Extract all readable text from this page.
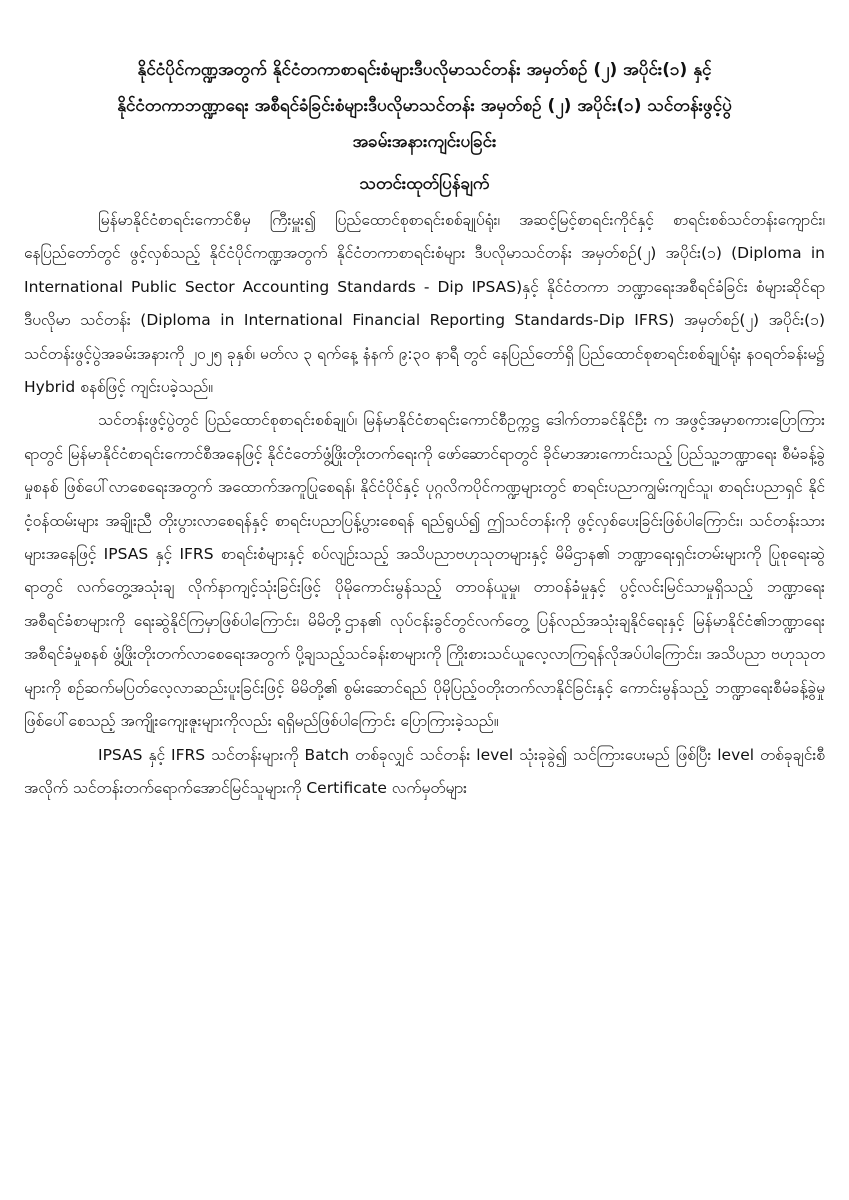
နိုင်ငံပိုင်ကဏ္ဍအတွက် နိုင်ငံတကာစာရင်းစံများဒီပလိုမာသင်တန်း အမှတ်စဉ် (၂) အပိုင်း(၁) နှင့်
နိုင်ငံတကာဘဏ္ဍာရေး အစီရင်ခံခြင်းစံများဒီပလိုမာသင်တန်း အမှတ်စဉ် (၂) အပိုင်း(၁) သင်တန်းဖွင့်ပွဲ
အခမ်းအနားကျင်းပခြင်း
သတင်းထုတ်ပြန်ချက်

မြန်မာနိုင်ငံစာရင်းကောင်စီမှ ကြီးမှူး၍ ပြည်ထောင်စုစာရင်းစစ်ချုပ်ရုံး၊ အဆင့်မြင့်စာရင်းကိုင်နှင့် စာရင်းစစ်သင်တန်းကျောင်း၊ နေပြည်တော်တွင် ဖွင့်လှစ်သည့် နိုင်ငံပိုင်ကဏ္ဍအတွက် နိုင်ငံတကာစာရင်းစံများ ဒီပလိုမာသင်တန်း အမှတ်စဉ်(၂) အပိုင်း(၁) (Diploma in International Public Sector Accounting Standards - Dip IPSAS)နှင့် နိုင်ငံတကာ ဘဏ္ဍာရေးအစီရင်ခံခြင်း စံများဆိုင်ရာ ဒီပလိုမာ သင်တန်း (Diploma in International Financial Reporting Standards-Dip IFRS) အမှတ်စဉ်(၂) အပိုင်း(၁) သင်တန်းဖွင့်ပွဲအခမ်းအနားကို ၂၀၂၅ ခုနှစ်၊ မတ်လ ၃ ရက်နေ့ နံနက် ၉:၃၀ နာရီ တွင် နေပြည်တော်ရှိ ပြည်ထောင်စုစာရင်းစစ်ချုပ်ရုံး နဝရတ်ခန်းမ၌ Hybrid စနစ်ဖြင့် ကျင်းပခဲ့သည်။

သင်တန်းဖွင့်ပွဲတွင် ပြည်ထောင်စုစာရင်းစစ်ချုပ်၊ မြန်မာနိုင်ငံစာရင်းကောင်စီဥက္ကဋ္ဌ ဒေါက်တာခင်နိုင်ဦး က အဖွင့်အမှာစကားပြောကြားရာတွင် မြန်မာနိုင်ငံစာရင်းကောင်စီအနေဖြင့် နိုင်ငံတော်ဖွံ့ဖြိုးတိုးတက်ရေးကို ဖော်ဆောင်ရာတွင် ခိုင်မာအားကောင်းသည့် ပြည်သူ့ဘဏ္ဍာရေး စီမံခန့်ခွဲမှုစနစ် ဖြစ်ပေါ်လာစေရေးအတွက် အထောက်အကူပြုစေရန်၊ နိုင်ငံပိုင်နှင့် ပုဂ္ဂလိကပိုင်ကဏ္ဍများတွင် စာရင်းပညာကျွမ်းကျင်သူ၊ စာရင်းပညာရှင် နိုင်ငံ့ဝန်ထမ်းများ အချိုးညီ တိုးပွားလာစေရန်နှင့် စာရင်းပညာပြန့်ပွားစေရန် ရည်ရွယ်၍ ဤသင်တန်းကို ဖွင့်လှစ်ပေးခြင်းဖြစ်ပါကြောင်း၊ သင်တန်းသားများအနေဖြင့် IPSAS နှင့် IFRS စာရင်းစံများနှင့် စပ်လျဉ်းသည့် အသိပညာဗဟုသုတများနှင့် မိမိဌာန၏ ဘဏ္ဍာရေးရှင်းတမ်းများကို ပြုစုရေးဆွဲရာတွင် လက်တွေ့အသုံးချ လိုက်နာကျင့်သုံးခြင်းဖြင့် ပိုမိုကောင်းမွန်သည့် တာဝန်ယူမှု၊ တာဝန်ခံမှုနှင့် ပွင့်လင်းမြင်သာမှုရှိသည့် ဘဏ္ဍာရေးအစီရင်ခံစာများကို ရေးဆွဲနိုင်ကြမှာဖြစ်ပါကြောင်း၊ မိမိတို့ဌာန၏ လုပ်ငန်းခွင်တွင်လက်တွေ့ ပြန်လည်အသုံးချနိုင်ရေးနှင့် မြန်မာနိုင်ငံ၏ဘဏ္ဍာရေးအစီရင်ခံမှုစနစ် ဖွံ့ဖြိုးတိုးတက်လာစေရေးအတွက် ပို့ချသည့်သင်ခန်းစာများကို ကြိုးစားသင်ယူလေ့လာကြရန်လိုအပ်ပါကြောင်း၊ အသိပညာ ဗဟုသုတများကို စဉ်ဆက်မပြတ်လေ့လာဆည်းပူးခြင်းဖြင့် မိမိတို့၏ စွမ်းဆောင်ရည် ပိုမိုပြည့်ဝတိုးတက်လာနိုင်ခြင်းနှင့် ကောင်းမွန်သည့် ဘဏ္ဍာရေးစီမံခန့်ခွဲမှုဖြစ်ပေါ်စေသည့် အကျိုးကျေးဇူးများကိုလည်း ရရှိမည်ဖြစ်ပါကြောင်း ပြောကြားခဲ့သည်။

IPSAS နှင့် IFRS သင်တန်းများကို Batch တစ်ခုလျှင် သင်တန်း level သုံးခုခွဲ၍ သင်ကြားပေးမည် ဖြစ်ပြီး level တစ်ခုချင်းစီအလိုက် သင်တန်းတက်ရောက်အောင်မြင်သူများကို Certificate လက်မှတ်များ
